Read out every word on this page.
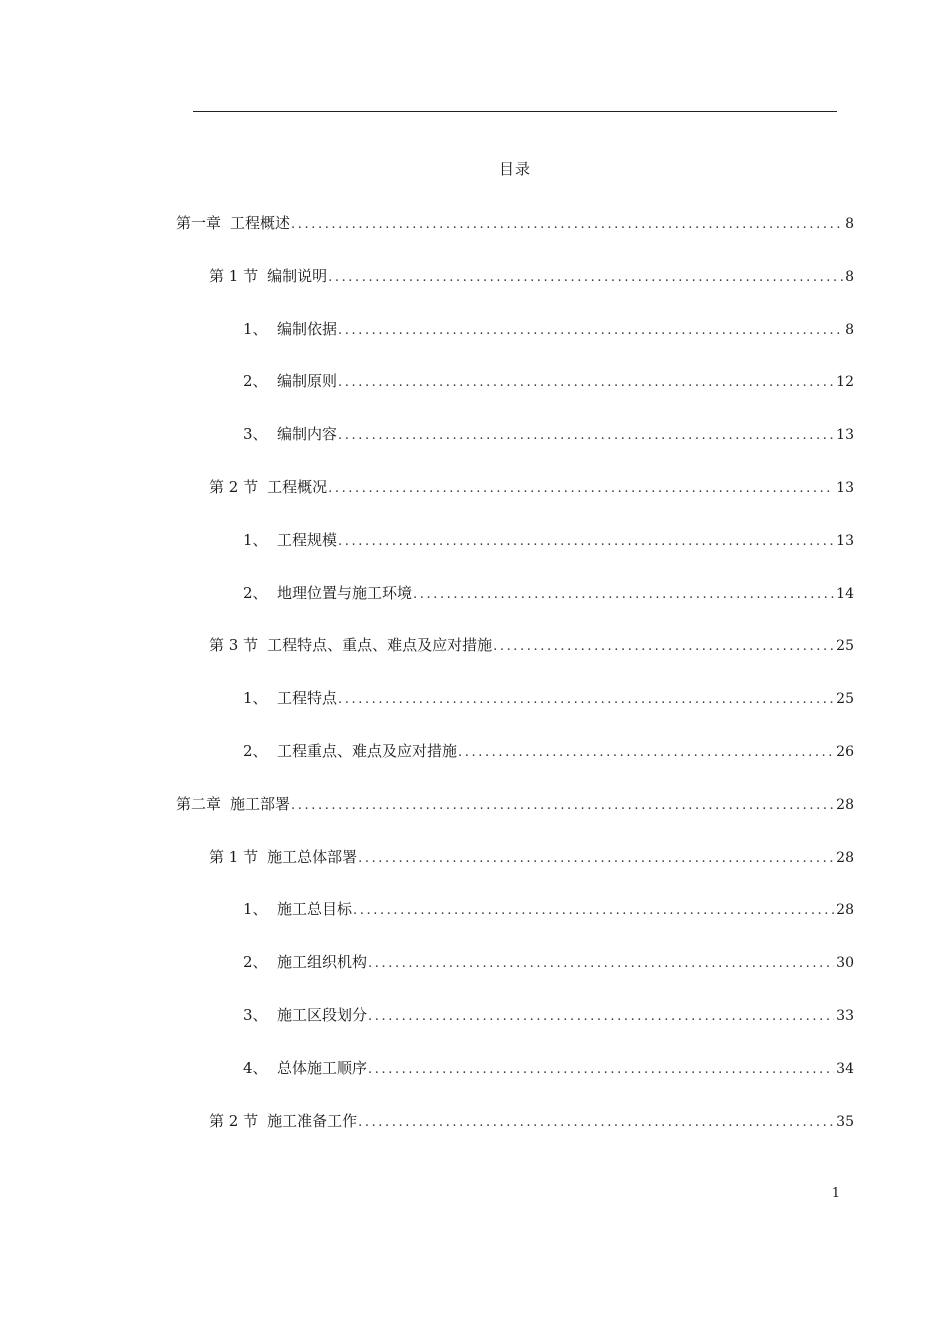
目录
第一章 工程概述 .....	8
第 1 节 编制说明 .....	8
1、 编制依据 .....	8
2、 编制原则 .....	12
3、 编制内容 .....	13
第 2 节 工程概况 .....	13
1、 工程规模 .....	13
2、 地理位置与施工环境 .....	14
第 3 节 工程特点、重点、难点及应对措施 .....	25
1、 工程特点 .....	25
2、 工程重点、难点及应对措施 .....	26
第二章 施工部署 .....	28
第 1 节 施工总体部署 .....	28
1、 施工总目标 .....	28
2、 施工组织机构 .....	30
3、 施工区段划分 .....	33
4、 总体施工顺序 .....	34
第 2 节 施工准备工作 .....	35
1
